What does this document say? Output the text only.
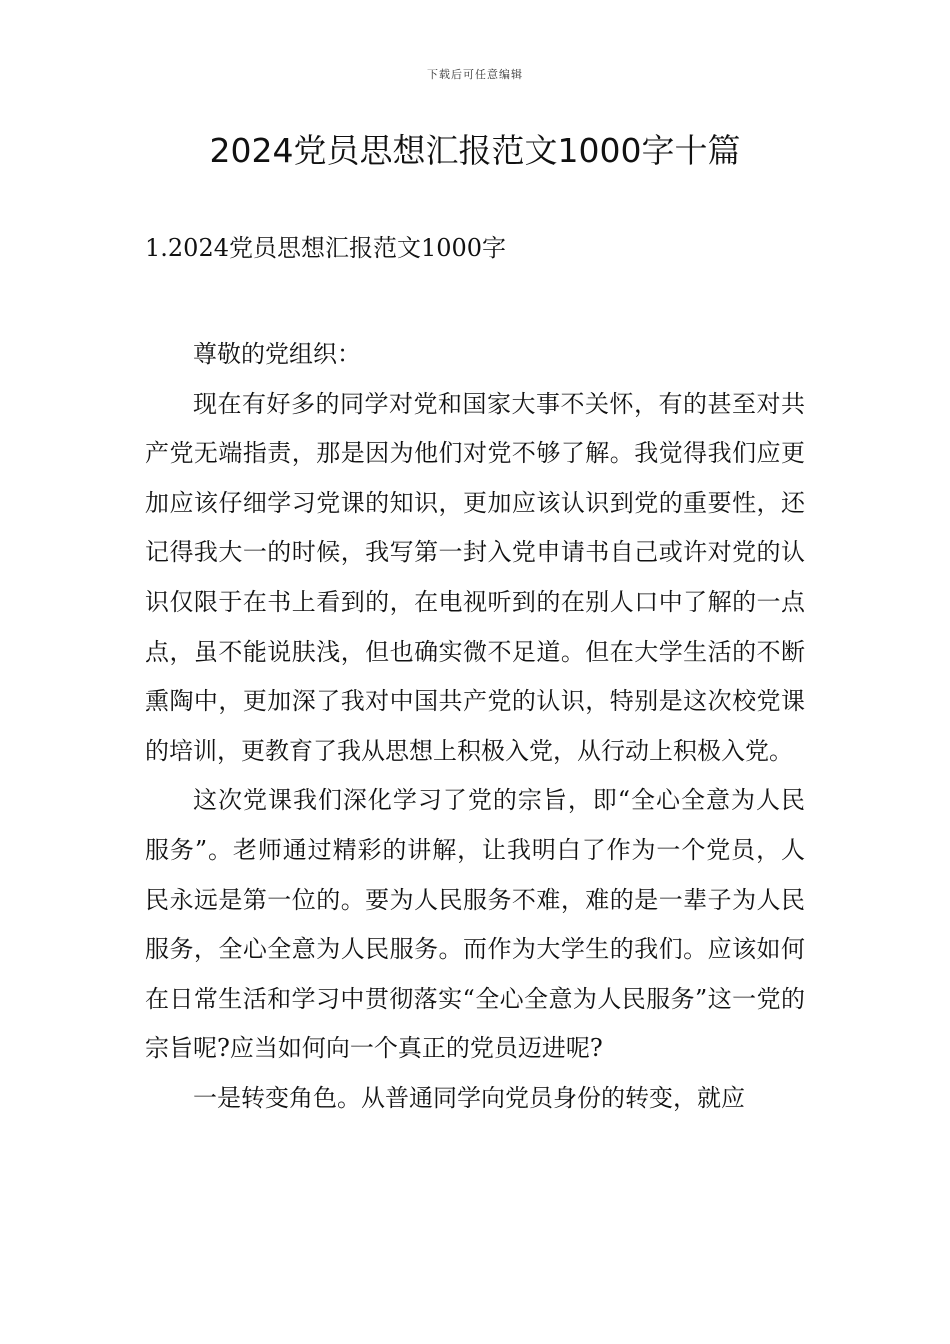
下载后可任意编辑
2024党员思想汇报范文1000字十篇
1.2024党员思想汇报范文1000字

尊敬的党组织：

现在有好多的同学对党和国家大事不关怀，有的甚至对共产党无端指责，那是因为他们对党不够了解。我觉得我们应更加应该仔细学习党课的知识，更加应该认识到党的重要性，还记得我大一的时候，我写第一封入党申请书自己或许对党的认识仅限于在书上看到的，在电视听到的在别人口中了解的一点点，虽不能说肤浅，但也确实微不足道。但在大学生活的不断熏陶中，更加深了我对中国共产党的认识，特别是这次校党课的培训，更教育了我从思想上积极入党，从行动上积极入党。

这次党课我们深化学习了党的宗旨，即“全心全意为人民服务”。老师通过精彩的讲解，让我明白了作为一个党员，人民永远是第一位的。要为人民服务不难，难的是一辈子为人民服务，全心全意为人民服务。而作为大学生的我们。应该如何在日常生活和学习中贯彻落实“全心全意为人民服务”这一党的宗旨呢?应当如何向一个真正的党员迈进呢?

一是转变角色。从普通同学向党员身份的转变，就应
